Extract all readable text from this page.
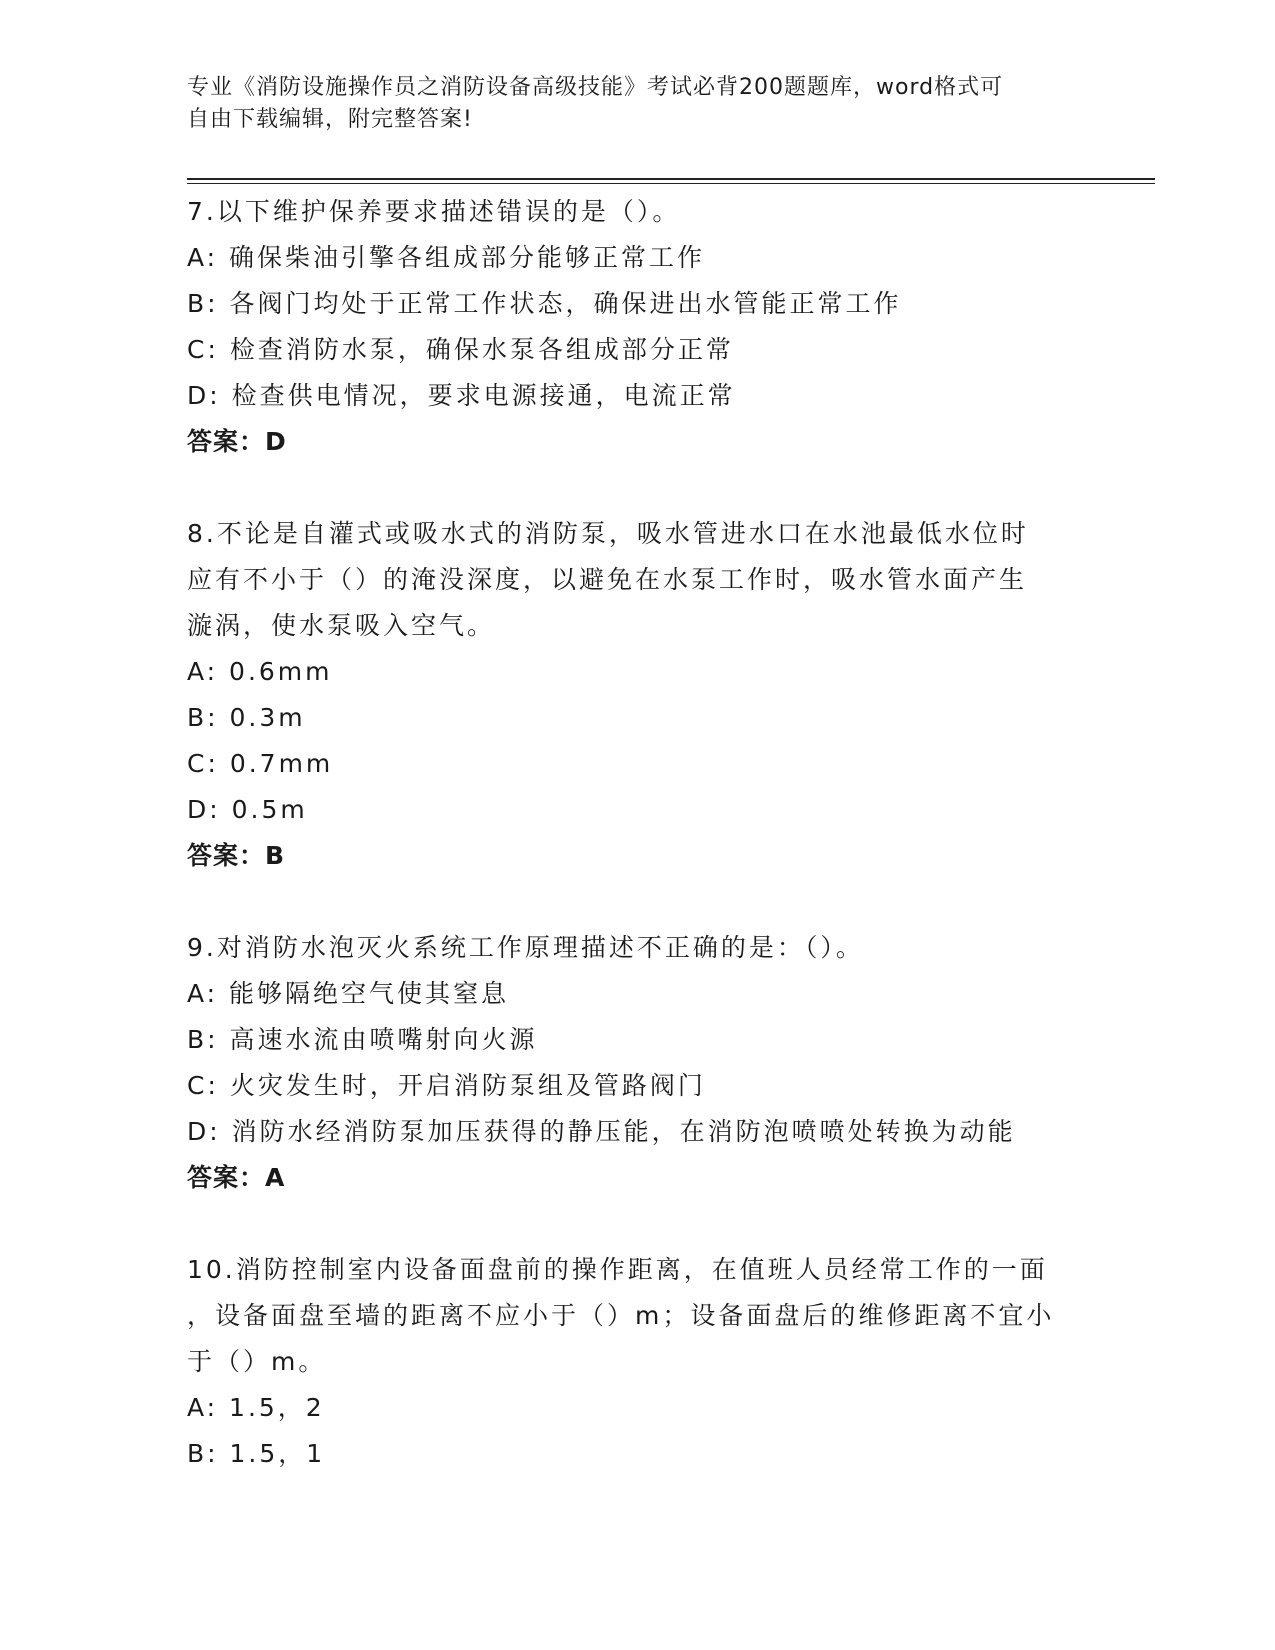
专业《消防设施操作员之消防设备高级技能》考试必背200题题库，word格式可
自由下载编辑，附完整答案!
7.以下维护保养要求描述错误的是（）。
A: 确保柴油引擎各组成部分能够正常工作
B: 各阀门均处于正常工作状态，确保进出水管能正常工作
C: 检查消防水泵，确保水泵各组成部分正常
D: 检查供电情况，要求电源接通，电流正常
答案：D
8.不论是自灌式或吸水式的消防泵，吸水管进水口在水池最低水位时
应有不小于（）的淹没深度，以避免在水泵工作时，吸水管水面产生
漩涡，使水泵吸入空气。
A: 0.6mm
B: 0.3m
C: 0.7mm
D: 0.5m
答案：B
9.对消防水泡灭火系统工作原理描述不正确的是：（）。
A: 能够隔绝空气使其窒息
B: 高速水流由喷嘴射向火源
C: 火灾发生时，开启消防泵组及管路阀门
D: 消防水经消防泵加压获得的静压能，在消防泡喷喷处转换为动能
答案：A
10.消防控制室内设备面盘前的操作距离，在值班人员经常工作的一面
，设备面盘至墙的距离不应小于（）m；设备面盘后的维修距离不宜小
于（）m。
A: 1.5，2
B: 1.5，1
